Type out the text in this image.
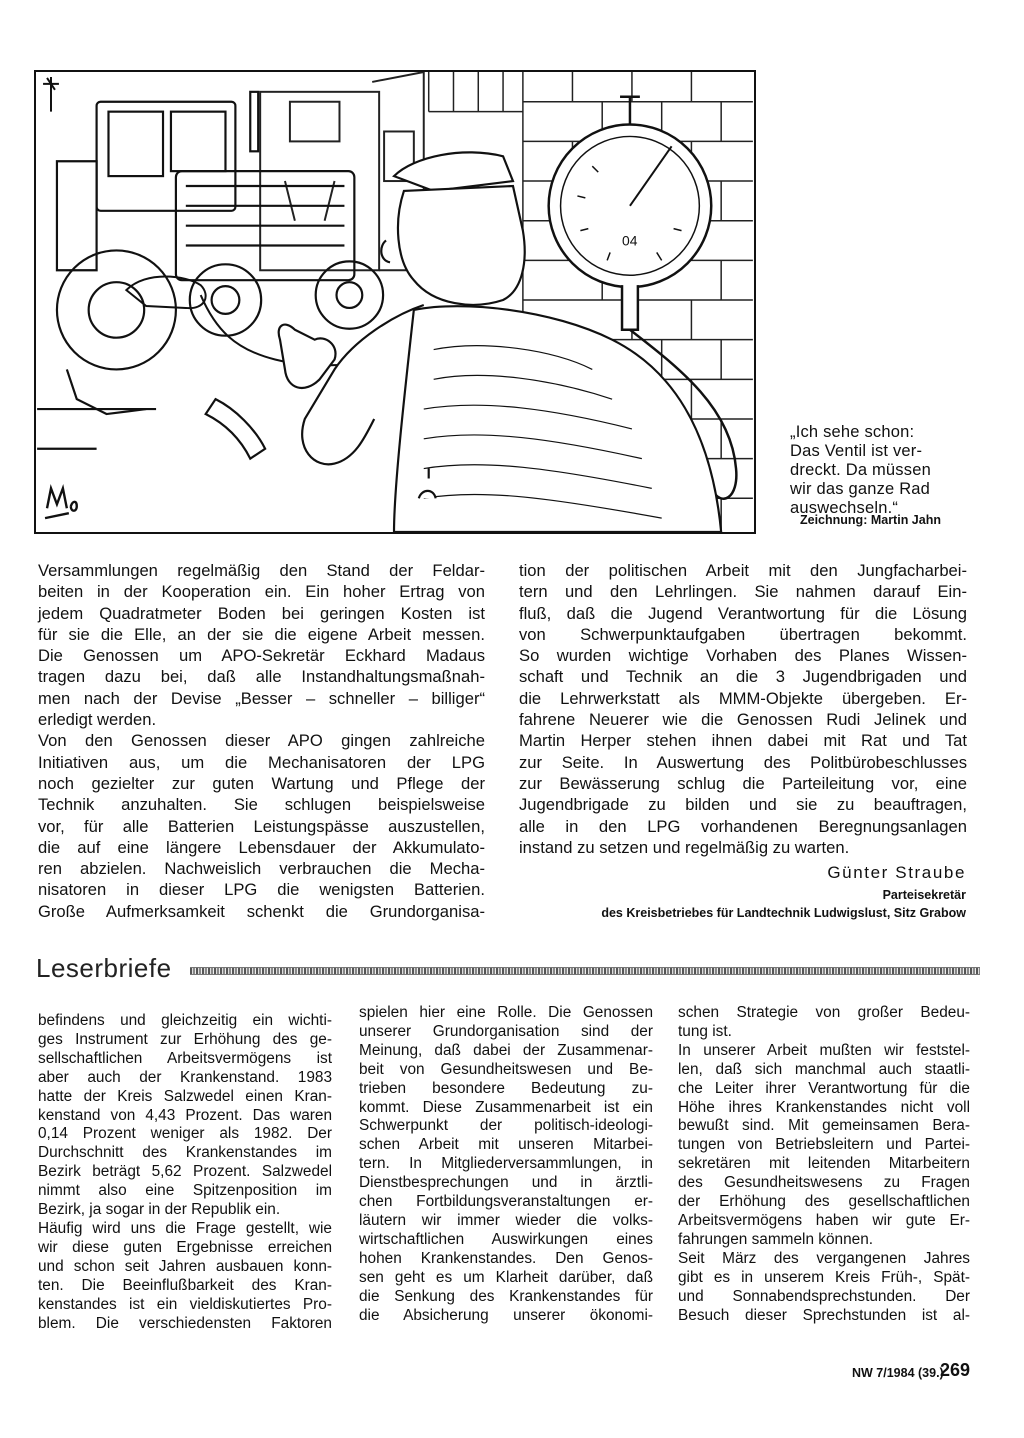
04
„Ich sehe schon:
Das Ventil ist ver-
dreckt. Da müssen
wir das ganze Rad
auswechseln.“
Zeichnung: Martin Jahn
Versammlungen regelmäßig den Stand der Feldar-
beiten in der Kooperation ein. Ein hoher Ertrag von
jedem Quadratmeter Boden bei geringen Kosten ist
für sie die Elle, an der sie die eigene Arbeit messen.
Die Genossen um APO-Sekretär Eckhard Madaus
tragen dazu bei, daß alle Instandhaltungsmaßnah-
men nach der Devise „Besser – schneller – billiger“
erledigt werden.
Von den Genossen dieser APO gingen zahlreiche
Initiativen aus, um die Mechanisatoren der LPG
noch gezielter zur guten Wartung und Pflege der
Technik anzuhalten. Sie schlugen beispielsweise
vor, für alle Batterien Leistungspässe auszustellen,
die auf eine längere Lebensdauer der Akkumulato-
ren abzielen. Nachweislich verbrauchen die Mecha-
nisatoren in dieser LPG die wenigsten Batterien.
Große Aufmerksamkeit schenkt die Grundorganisa-
tion der politischen Arbeit mit den Jungfacharbei-
tern und den Lehrlingen. Sie nahmen darauf Ein-
fluß, daß die Jugend Verantwortung für die Lösung
von Schwerpunktaufgaben übertragen bekommt.
So wurden wichtige Vorhaben des Planes Wissen-
schaft und Technik an die 3 Jugendbrigaden und
die Lehrwerkstatt als MMM-Objekte übergeben. Er-
fahrene Neuerer wie die Genossen Rudi Jelinek und
Martin Herper stehen ihnen dabei mit Rat und Tat
zur Seite. In Auswertung des Politbürobeschlusses
zur Bewässerung schlug die Parteileitung vor, eine
Jugendbrigade zu bilden und sie zu beauftragen,
alle in den LPG vorhandenen Beregnungsanlagen
instand zu setzen und regelmäßig zu warten.
Günter Straube
Parteisekretär
des Kreisbetriebes für Landtechnik Ludwigslust, Sitz Grabow
Leserbriefe
befindens und gleichzeitig ein wichti-
ges Instrument zur Erhöhung des ge-
sellschaftlichen Arbeitsvermögens ist
aber auch der Krankenstand. 1983
hatte der Kreis Salzwedel einen Kran-
kenstand von 4,43 Prozent. Das waren
0,14 Prozent weniger als 1982. Der
Durchschnitt des Krankenstandes im
Bezirk beträgt 5,62 Prozent. Salzwedel
nimmt also eine Spitzenposition im
Bezirk, ja sogar in der Republik ein.
Häufig wird uns die Frage gestellt, wie
wir diese guten Ergebnisse erreichen
und schon seit Jahren ausbauen konn-
ten. Die Beeinflußbarkeit des Kran-
kenstandes ist ein vieldiskutiertes Pro-
blem. Die verschiedensten Faktoren
spielen hier eine Rolle. Die Genossen
unserer Grundorganisation sind der
Meinung, daß dabei der Zusammenar-
beit von Gesundheitswesen und Be-
trieben besondere Bedeutung zu-
kommt. Diese Zusammenarbeit ist ein
Schwerpunkt der politisch-ideologi-
schen Arbeit mit unseren Mitarbei-
tern. In Mitgliederversammlungen, in
Dienstbesprechungen und in ärztli-
chen Fortbildungsveranstaltungen er-
läutern wir immer wieder die volks-
wirtschaftlichen Auswirkungen eines
hohen Krankenstandes. Den Genos-
sen geht es um Klarheit darüber, daß
die Senkung des Krankenstandes für
die Absicherung unserer ökonomi-
schen Strategie von großer Bedeu-
tung ist.
In unserer Arbeit mußten wir feststel-
len, daß sich manchmal auch staatli-
che Leiter ihrer Verantwortung für die
Höhe ihres Krankenstandes nicht voll
bewußt sind. Mit gemeinsamen Bera-
tungen von Betriebsleitern und Partei-
sekretären mit leitenden Mitarbeitern
des Gesundheitswesens zu Fragen
der Erhöhung des gesellschaftlichen
Arbeitsvermögens haben wir gute Er-
fahrungen sammeln können.
Seit März des vergangenen Jahres
gibt es in unserem Kreis Früh-, Spät-
und Sonnabendsprechstunden. Der
Besuch dieser Sprechstunden ist al-
NW 7/1984 (39.)
269
